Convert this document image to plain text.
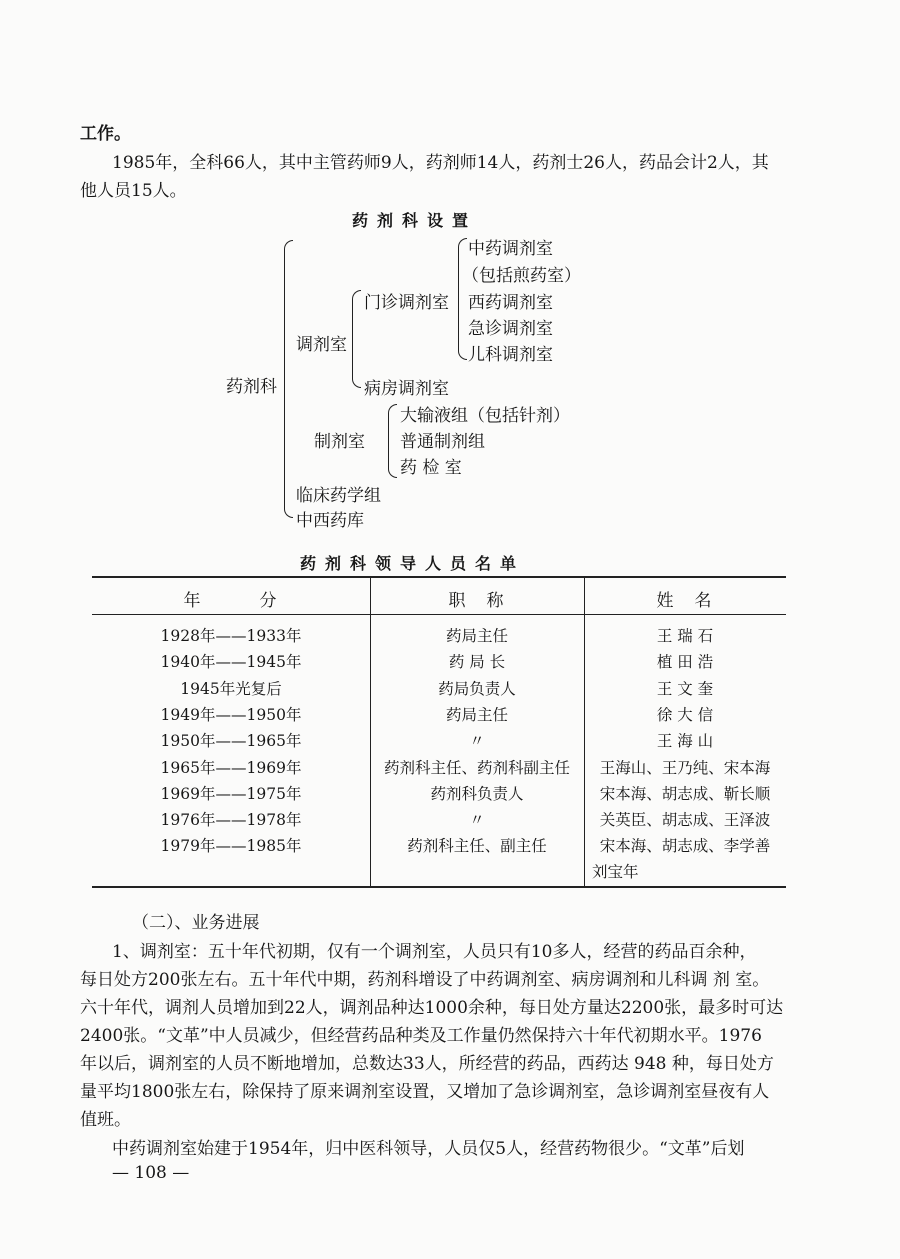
工作。
1985年，全科66人，其中主管药师9人，药剂师14人，药剂士26人，药品会计2人，其
他人员15人。
药剂科设置
药剂科
调剂室
门诊调剂室
中药调剂室
（包括煎药室）
西药调剂室
急诊调剂室
儿科调剂室
病房调剂室
制剂室
大输液组（包括针剂）
普通制剂组
药 检 室
临床药学组
中西药库
药剂科领导人员名单
年　　　分	职　称	姓　名
1928年——1933年	药局主任	王 瑞 石
1940年——1945年	药 局 长	植 田 浩
1945年光复后	药局负责人	王 文 奎
1949年——1950年	药局主任	徐 大 信
1950年——1965年	〃	王 海 山
1965年——1969年	药剂科主任、药剂科副主任	王海山、王乃纯、宋本海
1969年——1975年	药剂科负责人	宋本海、胡志成、靳长顺
1976年——1978年	〃	关英臣、胡志成、王泽波
1979年——1985年	药剂科主任、副主任	宋本海、胡志成、李学善
刘宝年
（二）、业务进展
1、调剂室：五十年代初期，仅有一个调剂室，人员只有10多人，经营的药品百余种，
每日处方200张左右。五十年代中期，药剂科增设了中药调剂室、病房调剂和儿科调 剂 室。
六十年代，调剂人员增加到22人，调剂品种达1000余种，每日处方量达2200张，最多时可达
2400张。“文革”中人员减少，但经营药品种类及工作量仍然保持六十年代初期水平。1976
年以后，调剂室的人员不断地增加，总数达33人，所经营的药品，西药达 948 种，每日处方
量平均1800张左右，除保持了原来调剂室设置，又增加了急诊调剂室，急诊调剂室昼夜有人
值班。
中药调剂室始建于1954年，归中医科领导，人员仅5人，经营药物很少。“文革”后划
— 108 —
